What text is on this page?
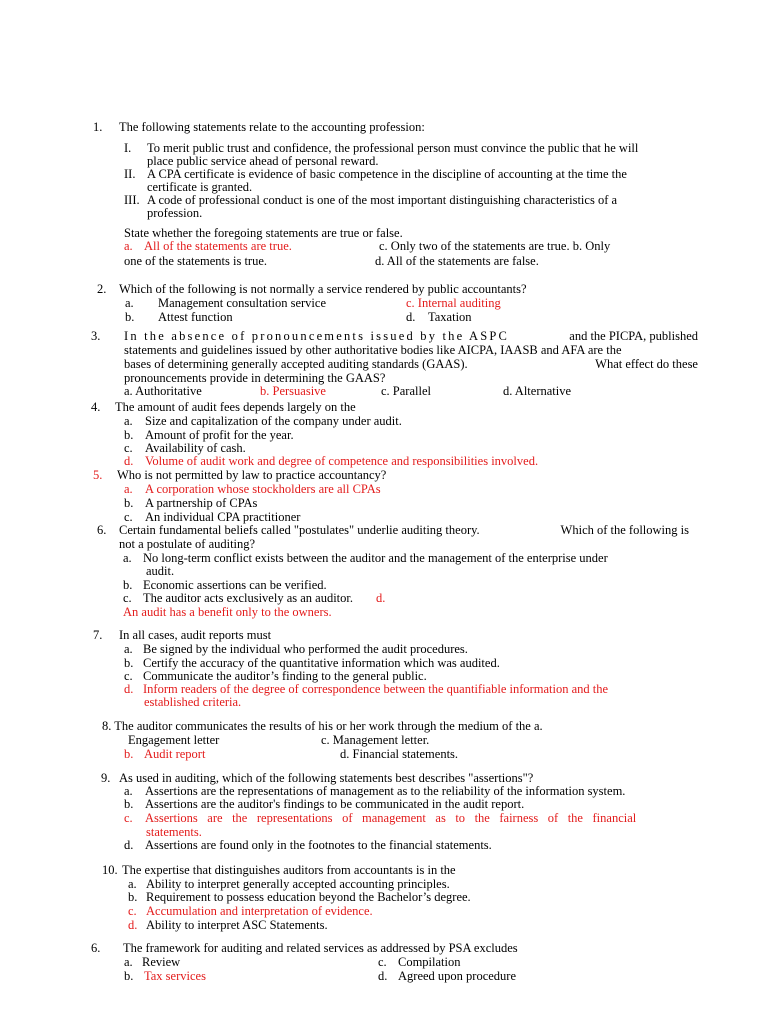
1. The following statements relate to the accounting profession:
I. To merit public trust and confidence, the professional person must convince the public that he will
place public service ahead of personal reward.
II. A CPA certificate is evidence of basic competence in the discipline of accounting at the time the
certificate is granted.
III. A code of professional conduct is one of the most important distinguishing characteristics of a
profession.
State whether the foregoing statements are true or false.
a. All of the statements are true.	c. Only two of the statements are true. b. Only
one of the statements is true.	d. All of the statements are false.
2. Which of the following is not normally a service rendered by public accountants?
a. Management consultation service	c. Internal auditing
b. Attest function	d. Taxation
3. In the absence of pronouncements issued by the ASPC	and the PICPA, published
statements and guidelines issued by other authoritative bodies like AICPA, IAASB and AFA are the
bases of determining generally accepted auditing standards (GAAS).	What effect do these
pronouncements provide in determining the GAAS?
a. Authoritative	b. Persuasive	c. Parallel	d. Alternative
4. The amount of audit fees depends largely on the
a. Size and capitalization of the company under audit.
b. Amount of profit for the year.
c. Availability of cash.
d. Volume of audit work and degree of competence and responsibilities involved.
5. Who is not permitted by law to practice accountancy?
a. A corporation whose stockholders are all CPAs
b. A partnership of CPAs
c. An individual CPA practitioner
6. Certain fundamental beliefs called "postulates" underlie auditing theory.	Which of the following is
not a postulate of auditing?
a. No long-term conflict exists between the auditor and the management of the enterprise under
audit.
b. Economic assertions can be verified.
c. The auditor acts exclusively as an auditor. d.
An audit has a benefit only to the owners.
7. In all cases, audit reports must
a. Be signed by the individual who performed the audit procedures.
b. Certify the accuracy of the quantitative information which was audited.
c. Communicate the auditor’s finding to the general public.
d. Inform readers of the degree of correspondence between the quantifiable information and the
established criteria.
8. The auditor communicates the results of his or her work through the medium of the a.
Engagement letter	c. Management letter.
b. Audit report	d. Financial statements.
9. As used in auditing, which of the following statements best describes "assertions"?
a. Assertions are the representations of management as to the reliability of the information system.
b. Assertions are the auditor's findings to be communicated in the audit report.
c. Assertions are the representations of management as to the fairness of the financial
statements.
d. Assertions are found only in the footnotes to the financial statements.
10. The expertise that distinguishes auditors from accountants is in the
a. Ability to interpret generally accepted accounting principles.
b. Requirement to possess education beyond the Bachelor’s degree.
c. Accumulation and interpretation of evidence.
d. Ability to interpret ASC Statements.
6. The framework for auditing and related services as addressed by PSA excludes
a. Review	c. Compilation
b. Tax services	d. Agreed upon procedure
